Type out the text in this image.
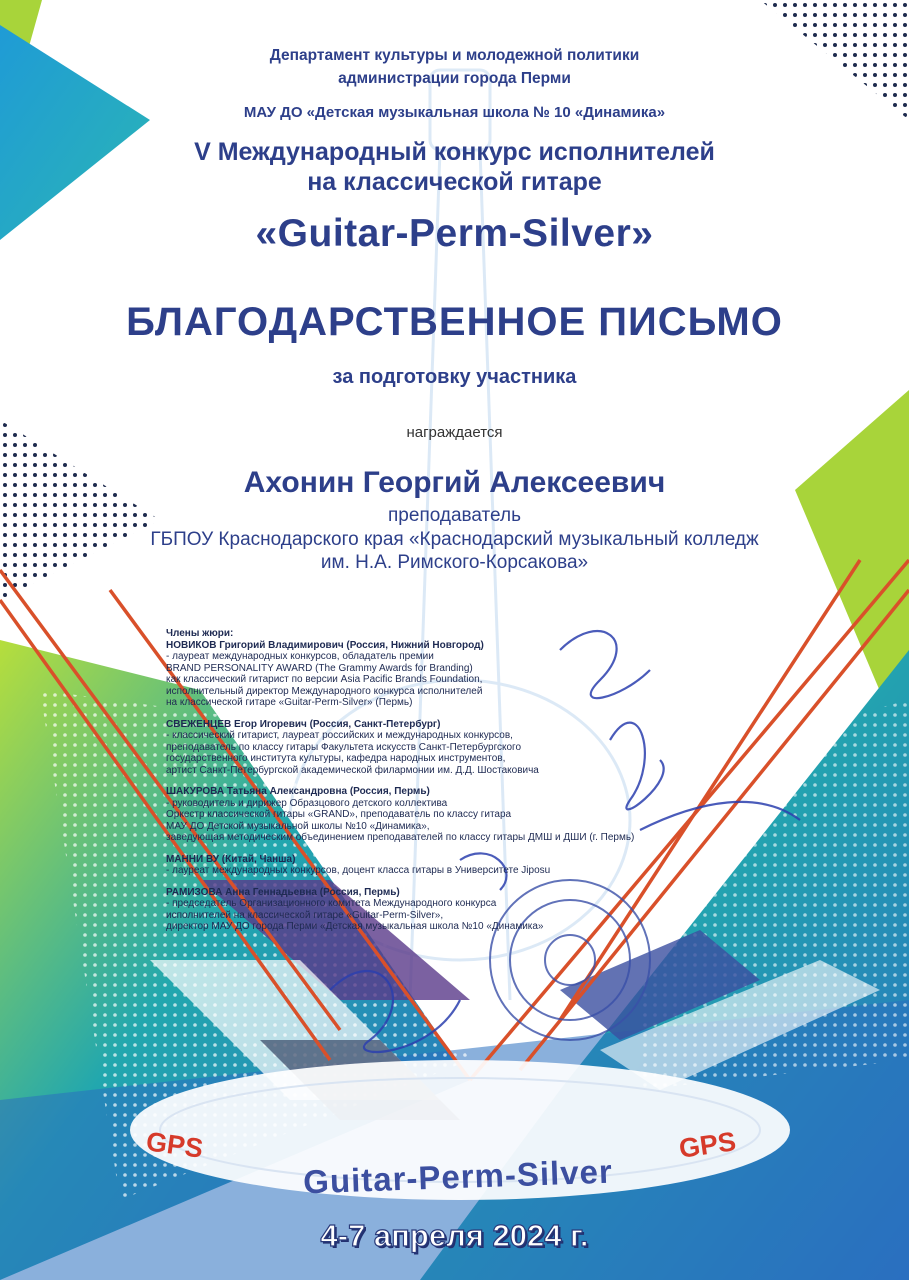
Департамент культуры и молодежной политики
администрации города Перми

МАУ ДО «Детская музыкальная школа № 10 «Динамика»

V Международный конкурс исполнителей
на классической гитаре

«Guitar-Perm-Silver»

БЛАГОДАРСТВЕННОЕ ПИСЬМО

за подготовку участника

награждается

Ахонин Георгий Алексеевич

преподаватель

ГБПОУ Краснодарского края «Краснодарский музыкальный колледж
им. Н.А. Римского-Корсакова»

Члены жюри:
НОВИКОВ Григорий Владимирович (Россия, Нижний Новгород)

- лауреат международных конкурсов, обладатель премии

BRAND PERSONALITY AWARD (The Grammy Awards for Branding)

как классический гитарист по версии Asia Pacific Brands Foundation,

исполнительный директор Международного конкурса исполнителей

на классической гитаре «Guitar-Perm-Silver» (Пермь)

СВЕЖЕНЦЕВ Егор Игоревич (Россия, Санкт-Петербург)

- классический гитарист, лауреат российских и международных конкурсов,

преподаватель по классу гитары Факультета искусств Санкт-Петербургского

государственного института культуры, кафедра народных инструментов,

артист Санкт-Петербургской академической филармонии им. Д.Д. Шостаковича

ШАКУРОВА Татьяна Александровна (Россия, Пермь)

- руководитель и дирижер Образцового детского коллектива

Оркестр классической гитары «GRAND», преподаватель по классу гитара

МАУ ДО Детской музыкальной школы №10 «Динамика»,

заведующая методическим объединением преподавателей по классу гитары ДМШ и ДШИ (г. Пермь)

МАННИ ВУ (Китай, Чанша)

- лауреат международных конкурсов, доцент класса гитары в Университете Jiposu

РАМИЗОВА Анна Геннадьевна (Россия, Пермь)

- председатель Организационного комитета Международного конкурса

исполнителей на классической гитаре «Guitar-Perm-Silver»,

директор МАУ ДО города Перми «Детская музыкальная школа №10 «Динамика»

GPS	GPS
Guitar-Perm-Silver
4-7 апреля 2024 г.
